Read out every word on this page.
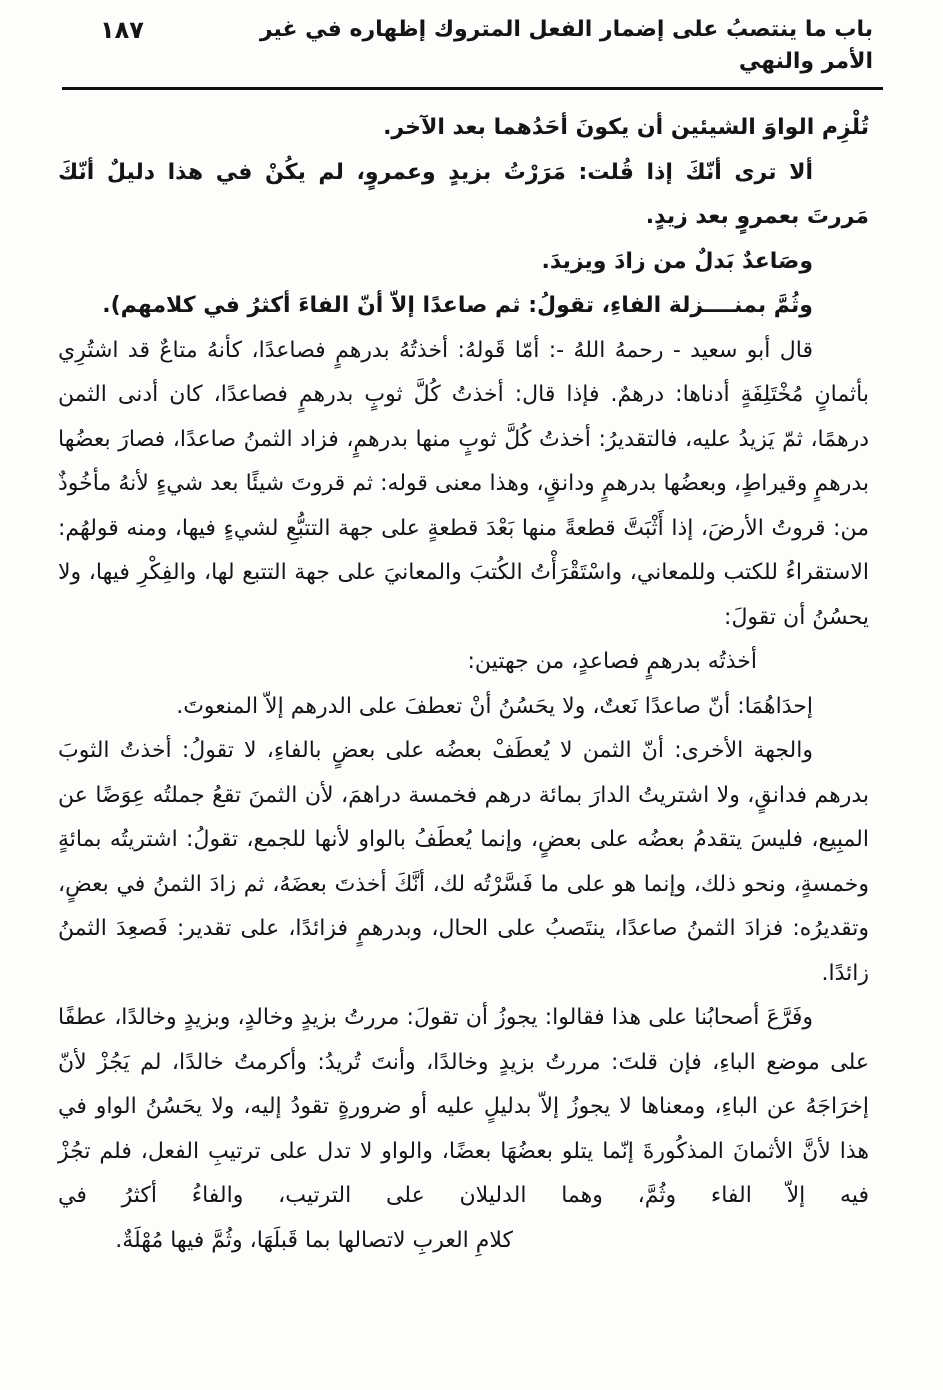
١٨٧	باب ما ينتصبُ على إضمار الفعل المتروك إظهاره في غير الأمر والنهي

تُلْزِم الواوَ الشيئين أن يكونَ أحَدُهما بعد الآخر.

ألا ترى أنّكَ إذا قُلت: مَرَرْتُ بزيدٍ وعمروٍ، لم يكُنْ في هذا دليلٌ أنّكَ مَررتَ بعمروٍ بعد زيدٍ.

وصَاعدٌ بَدلٌ من زادَ ويزيدَ.

وثُمَّ بمنــــزلة الفاءِ، تقولُ: ثم صاعدًا إلاّ أنّ الفاءَ أكثرُ في كلامهم).

قال أبو سعيد - رحمهُ اللهُ -: أمّا قَولهُ: أخذتُهُ بدرهمٍ فصاعدًا، كأنهُ متاعٌ قد اشتُرِي بأثمانٍ مُخْتَلِفَةٍ أدناها: درهمٌ. فإذا قال: أخذتُ كُلَّ ثوبٍ بدرهمٍ فصاعدًا، كان أدنى الثمن درهمًا، ثمّ يَزيدُ عليه، فالتقديرُ: أخذتُ كُلَّ ثوبٍ منها بدرهمٍ، فزاد الثمنُ صاعدًا، فصارَ بعضُها بدرهمٍ وقيراطٍ، وبعضُها بدرهمٍ ودانقٍ، وهذا معنى قوله: ثم قروتَ شيئًا بعد شيءٍ لأنهُ مأخُوذٌ من: قروتُ الأرضَ، إذا أَثْبَتَّ قطعةً منها بَعْدَ قطعةٍ على جهة التتبُّعِ لشيءٍ فيها، ومنه قولهُم: الاستقراءُ للكتب وللمعاني، واسْتَقْرَأْتُ الكُتبَ والمعانيَ على جهة التتبع لها، والفِكْرِ فيها، ولا يحسُنُ أن تقولَ:

أخذتُه بدرهمٍ فصاعدٍ، من جهتين:

إحدَاهُمَا: أنّ صاعدًا نَعتٌ، ولا يحَسُنُ أنْ تعطفَ على الدرهم إلاّ المنعوتَ.

والجهة الأخرى: أنّ الثمن لا يُعطَفْ بعضُه على بعضٍ بالفاءِ، لا تقولُ: أخذتُ الثوبَ بدرهم فدانقٍ، ولا اشتريتُ الدارَ بمائة درهم فخمسة دراهمَ، لأن الثمنَ تقعُ جملتُه عِوَضًا عن المبِيع، فليسَ يتقدمُ بعضُه على بعضٍ، وإنما يُعطَفُ بالواو لأنها للجمع، تقولُ: اشتريتُه بمائةٍ وخمسةٍ، ونحو ذلك، وإنما هو على ما فَسَّرْتُه لك، أنَّكَ أخذتَ بعضَهُ، ثم زادَ الثمنُ في بعضٍ، وتقديرُه: فزادَ الثمنُ صاعدًا، ينتَصبُ على الحال، وبدرهمٍ فزائدًا، على تقدير: فَصعِدَ الثمنُ زائدًا.

وفَرَّعَ أصحابُنا على هذا فقالوا: يجوزُ أن تقولَ: مررتُ بزيدٍ وخالدٍ، وبزيدٍ وخالدًا، عطفًا على موضع الباءِ، فإن قلتَ: مررتُ بزيدٍ وخالدًا، وأنتَ تُريدُ: وأكرمتُ خالدًا، لم يَجُزْ لأنّ إخرَاجَهُ عن الباءِ، ومعناها لا يجوزُ إلاّ بدليلٍ عليه أو ضرورةٍ تقودُ إليه، ولا يحَسُنُ الواو في هذا لأنَّ الأثمانَ المذكُورةَ إنّما يتلو بعضُهَا بعضًا، والواو لا تدل على ترتيبِ الفعل، فلم تجُزْ فيه إلاّ الفاء وثُمَّ، وهما الدليلان على الترتيب، والفاءُ أكثرُ في

كلامِ العربِ لاتصالها بما قَبلَهَا، وثُمَّ فيها مُهْلَةٌ.
